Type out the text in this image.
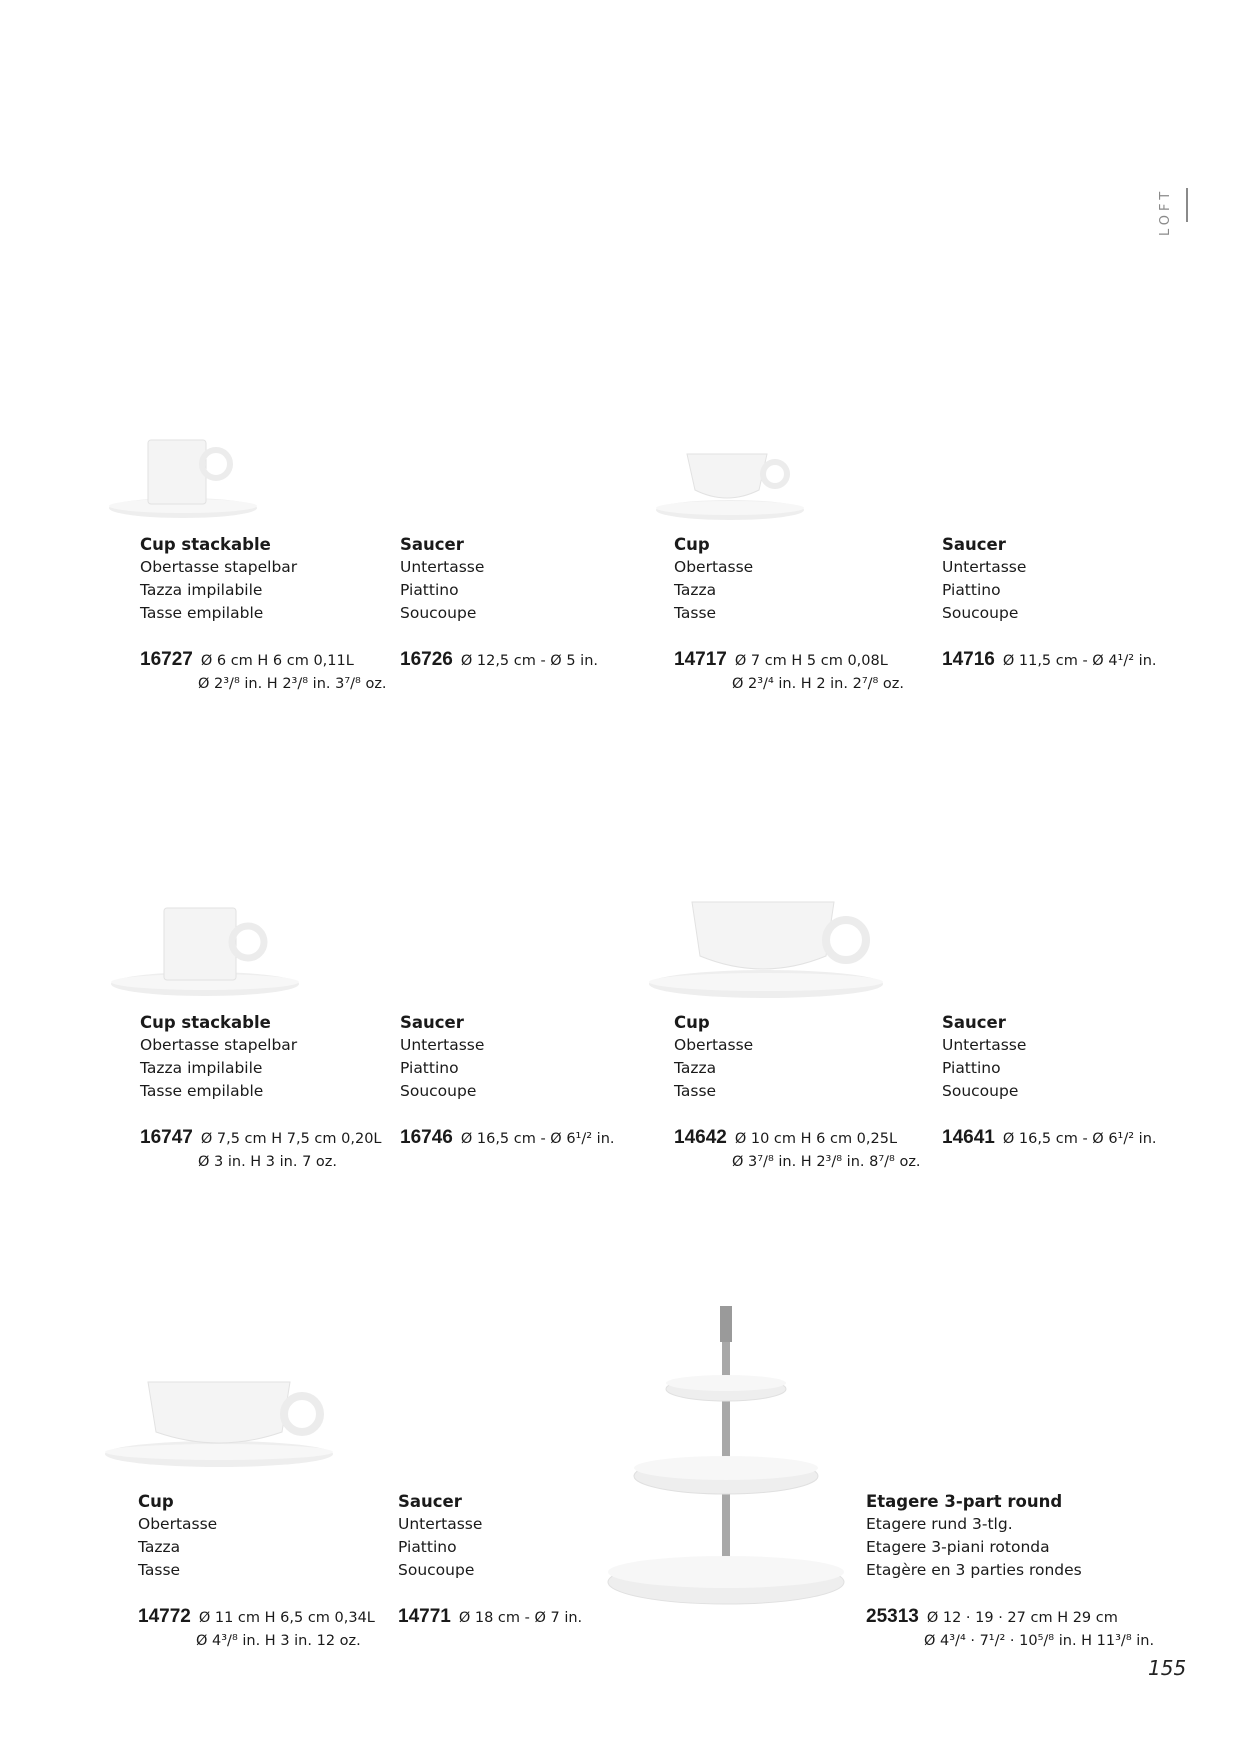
LOFT
Cup stackable
Obertasse stapelbar
Tazza impilabile
Tasse empilable
16727 Ø 6 cm H 6 cm 0,11L
Ø 2³/⁸ in. H 2³/⁸ in. 3⁷/⁸ oz.
Saucer
Untertasse
Piattino
Soucoupe
16726 Ø 12,5 cm - Ø 5 in.
Cup
Obertasse
Tazza
Tasse
14717 Ø 7 cm H 5 cm 0,08L
Ø 2³/⁴ in. H 2 in. 2⁷/⁸ oz.
Saucer
Untertasse
Piattino
Soucoupe
14716 Ø 11,5 cm - Ø 4¹/² in.
Cup stackable
Obertasse stapelbar
Tazza impilabile
Tasse empilable
16747 Ø 7,5 cm H 7,5 cm 0,20L
Ø 3 in. H 3 in. 7 oz.
Saucer
Untertasse
Piattino
Soucoupe
16746 Ø 16,5 cm - Ø 6¹/² in.
Cup
Obertasse
Tazza
Tasse
14642 Ø 10 cm H 6 cm 0,25L
Ø 3⁷/⁸ in. H 2³/⁸ in. 8⁷/⁸ oz.
Saucer
Untertasse
Piattino
Soucoupe
14641 Ø 16,5 cm - Ø 6¹/² in.
Cup
Obertasse
Tazza
Tasse
14772 Ø 11 cm H 6,5 cm 0,34L
Ø 4³/⁸ in. H 3 in. 12 oz.
Saucer
Untertasse
Piattino
Soucoupe
14771 Ø 18 cm - Ø 7 in.
Etagere 3-part round
Etagere rund 3-tlg.
Etagere 3-piani rotonda
Etagère en 3 parties rondes
25313 Ø 12 · 19 · 27 cm H 29 cm
Ø 4³/⁴ · 7¹/² · 10⁵/⁸ in. H 11³/⁸ in.
155
